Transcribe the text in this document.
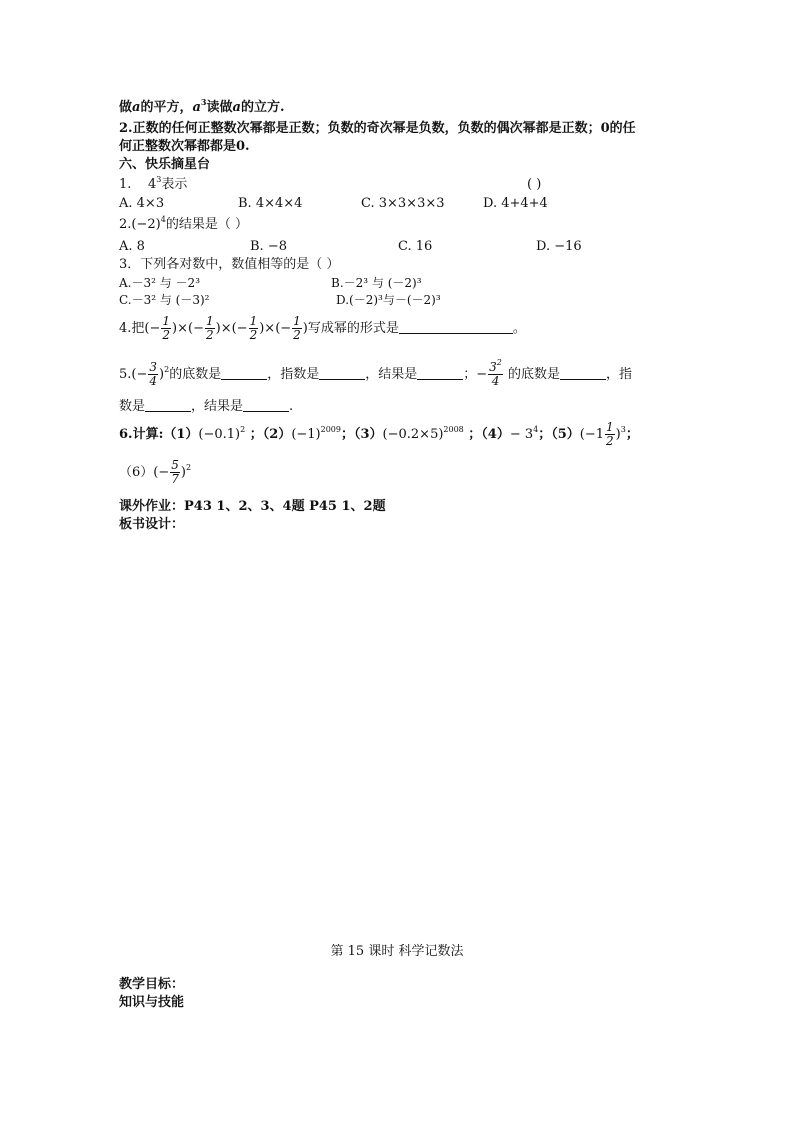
做a的平方，$a^3$读做a的立方.
2.正数的任何正整数次幂都是正数；负数的奇次幂是负数，负数的偶次幂都是正数；0的任
何正整数次幂都都是0.
六、快乐摘星台
1. $4^3$表示	( )
A. 4×3	B. 4×4×4	C. 3×3×3×3	D. 4+4+4
$2.(-2)^4$的结果是（ ）
A. 8	B. −8	C. 16	D. −16
3．下列各对数中，数值相等的是（ ）
A.－3² 与 －2³	B.－2³ 与 (－2)³
C.－3² 与 (－3)²	D.(－2)³与－(－2)³
4.把(− $\frac{1}{2}$ )×(− $\frac{1}{2}$ )×(− $\frac{1}{2}$ )×(− $\frac{1}{2}$ )写成幂的形式是	。
$5.(- \frac{3}{4} )^2$的底数是	，指数是	，结果是	；− $\frac{3^2}{4}$ 的底数是	，指
数是	，结果是	.
6.计算$:(1)(-0.1)^2$ ；$(2)(-1)^{2009}$；$(3)(-0.2\times 5)^{2008}$ ；$(4)- 3^4$；$(5)(-1 \frac{1}{2} )^3$；
$(6)(- \frac{5}{7} )^2$
课外作业：P43 1、2、3、4题 P45 1、2题
板书设计：
第 15 课时 科学记数法
教学目标：
知识与技能
